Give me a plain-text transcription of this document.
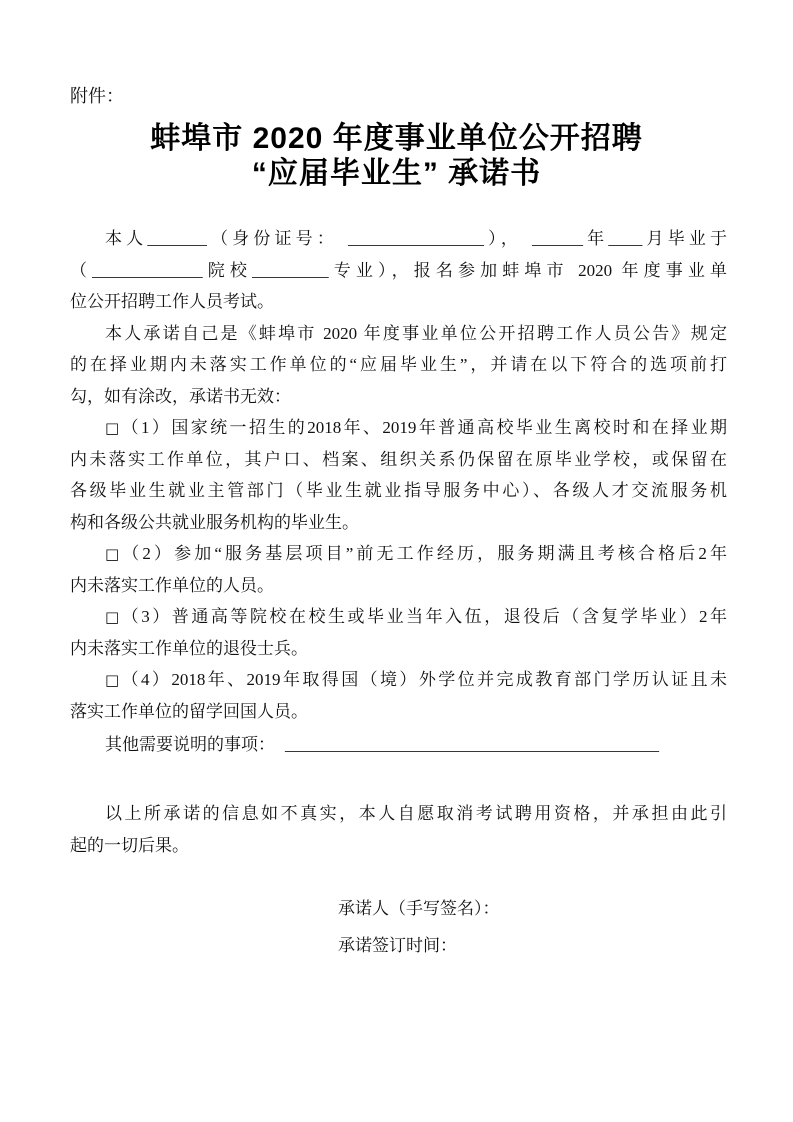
附件：
蚌埠市 2020 年度事业单位公开招聘
“应届毕业生” 承诺书
本人_______（身份证号： ________________）， ______年____月毕业于
（_____________院校_________专业），报名参加蚌埠市 2020 年度事业单
位公开招聘工作人员考试。
本人承诺自己是《蚌埠市 2020 年度事业单位公开招聘工作人员公告》规定
的在择业期内未落实工作单位的“应届毕业生”，并请在以下符合的选项前打
勾，如有涂改，承诺书无效：
□（1）国家统一招生的2018年、2019年普通高校毕业生离校时和在择业期
内未落实工作单位，其户口、档案、组织关系仍保留在原毕业学校，或保留在
各级毕业生就业主管部门（毕业生就业指导服务中心）、各级人才交流服务机
构和各级公共就业服务机构的毕业生。
□（2）参加“服务基层项目”前无工作经历，服务期满且考核合格后2年
内未落实工作单位的人员。
□（3）普通高等院校在校生或毕业当年入伍，退役后（含复学毕业）2年
内未落实工作单位的退役士兵。
□（4）2018年、2019年取得国（境）外学位并完成教育部门学历认证且未
落实工作单位的留学回国人员。
其他需要说明的事项： ____________________________________________
以上所承诺的信息如不真实，本人自愿取消考试聘用资格，并承担由此引
起的一切后果。
承诺人（手写签名）：
承诺签订时间：
